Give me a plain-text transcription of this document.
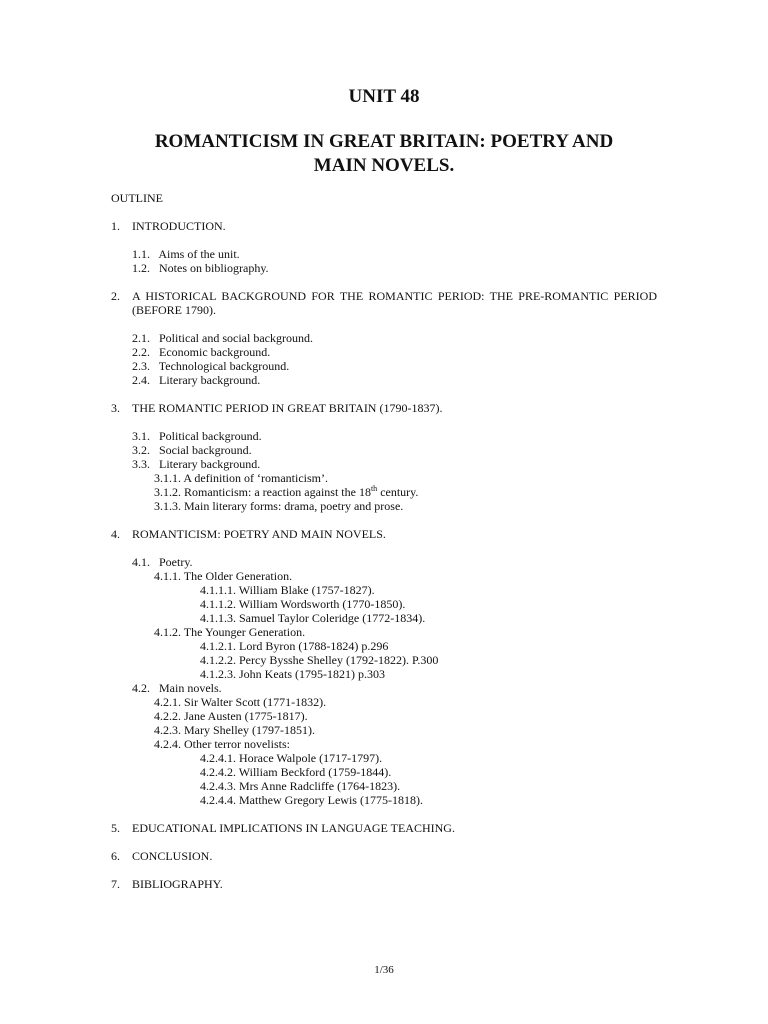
UNIT 48
ROMANTICISM IN GREAT BRITAIN: POETRY AND
MAIN NOVELS.
OUTLINE
1. INTRODUCTION.
1.1.   Aims of the unit.
1.2.   Notes on bibliography.
2. A HISTORICAL BACKGROUND FOR THE ROMANTIC PERIOD: THE PRE-ROMANTIC PERIOD (BEFORE 1790).
2.1.   Political and social background.
2.2.   Economic background.
2.3.   Technological background.
2.4.   Literary background.
3. THE ROMANTIC PERIOD IN GREAT BRITAIN (1790-1837).
3.1.   Political background.
3.2.   Social background.
3.3.   Literary background.
3.1.1. A definition of ‘romanticism’.
3.1.2. Romanticism: a reaction against the 18th century.
3.1.3. Main literary forms: drama, poetry and prose.
4. ROMANTICISM: POETRY AND MAIN NOVELS.
4.1.   Poetry.
4.1.1. The Older Generation.
4.1.1.1. William Blake (1757-1827).
4.1.1.2. William Wordsworth (1770-1850).
4.1.1.3. Samuel Taylor Coleridge (1772-1834).
4.1.2. The Younger Generation.
4.1.2.1. Lord Byron (1788-1824) p.296
4.1.2.2. Percy Bysshe Shelley (1792-1822). P.300
4.1.2.3. John Keats (1795-1821) p.303
4.2.   Main novels.
4.2.1. Sir Walter Scott (1771-1832).
4.2.2. Jane Austen (1775-1817).
4.2.3. Mary Shelley (1797-1851).
4.2.4. Other terror novelists:
4.2.4.1. Horace Walpole (1717-1797).
4.2.4.2. William Beckford (1759-1844).
4.2.4.3. Mrs Anne Radcliffe (1764-1823).
4.2.4.4. Matthew Gregory Lewis (1775-1818).
5. EDUCATIONAL IMPLICATIONS IN LANGUAGE TEACHING.
6. CONCLUSION.
7. BIBLIOGRAPHY.
1/36
